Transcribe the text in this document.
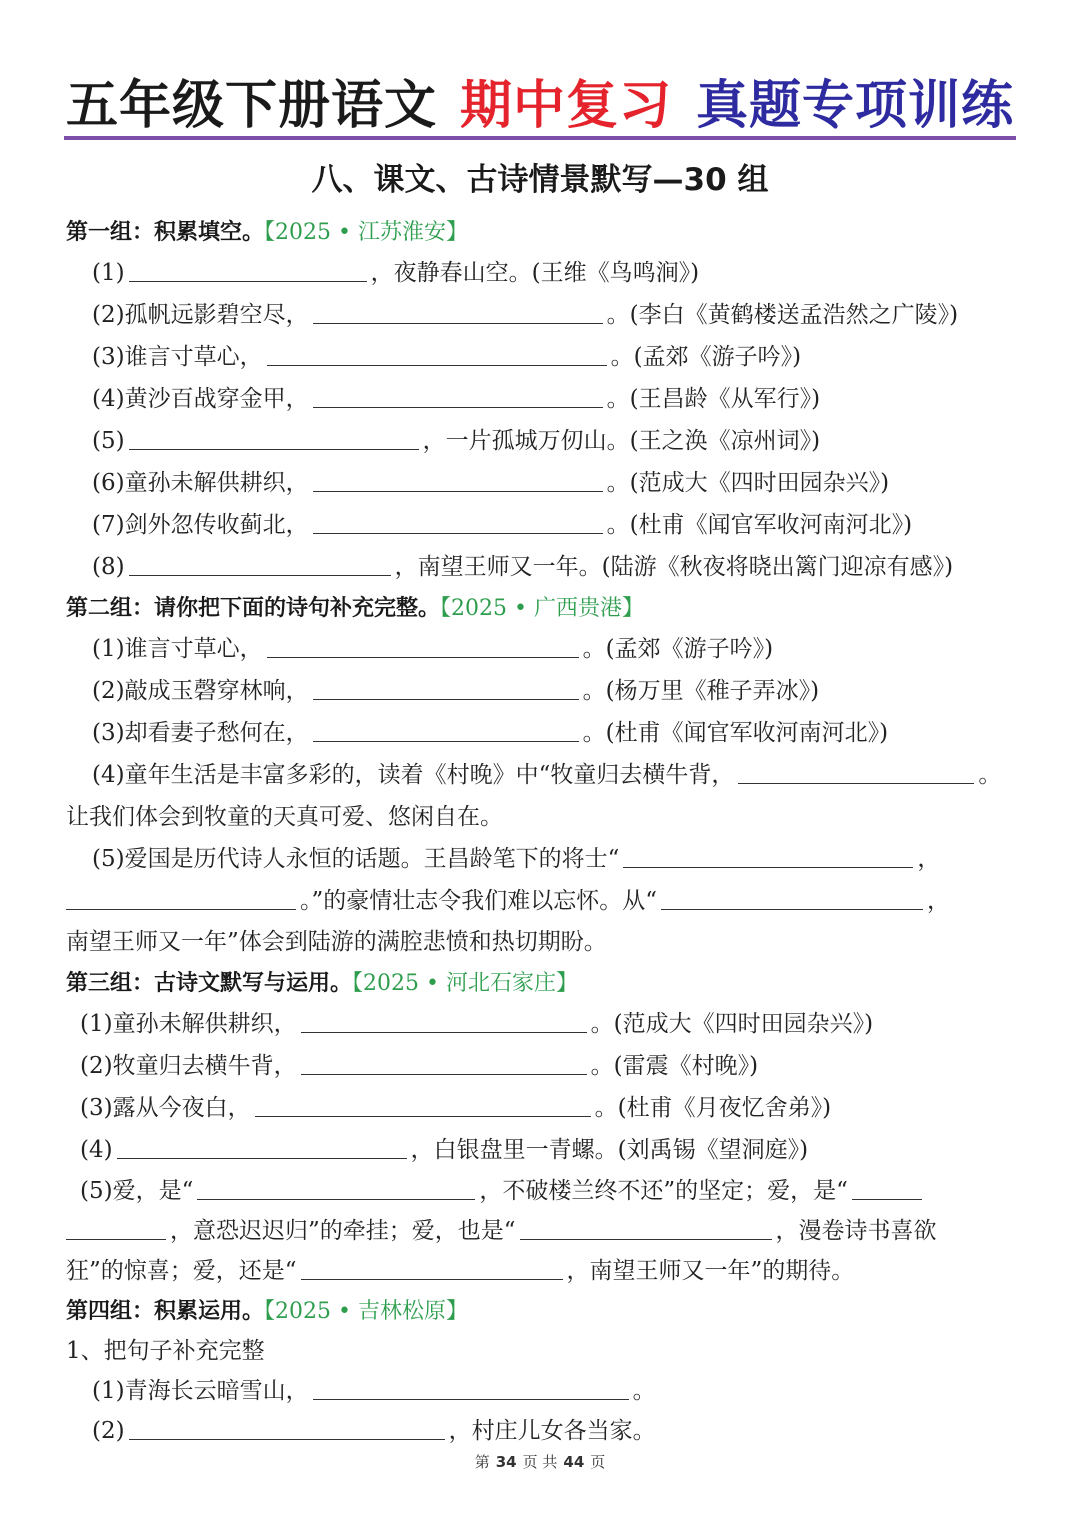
五年级下册语文 期中复习 真题专项训练
八、课文、古诗情景默写—30 组
第一组：积累填空。【2025 • 江苏淮安】
(1)	，夜静春山空。(王维《鸟鸣涧》)
(2)孤帆远影碧空尽，	。(李白《黄鹤楼送孟浩然之广陵》)
(3)谁言寸草心，	。(孟郊《游子吟》)
(4)黄沙百战穿金甲，	。(王昌龄《从军行》)
(5)	，一片孤城万仞山。(王之涣《凉州词》)
(6)童孙未解供耕织，	。(范成大《四时田园杂兴》)
(7)剑外忽传收蓟北，	。(杜甫《闻官军收河南河北》)
(8)	，南望王师又一年。(陆游《秋夜将晓出篱门迎凉有感》)
第二组：请你把下面的诗句补充完整。【2025 • 广西贵港】
(1)谁言寸草心，	。(孟郊《游子吟》)
(2)敲成玉磬穿林响，	。(杨万里《稚子弄冰》)
(3)却看妻子愁何在，	。(杜甫《闻官军收河南河北》)
(4)童年生活是丰富多彩的，读着《村晚》中“牧童归去横牛背，	。
让我们体会到牧童的天真可爱、悠闲自在。
(5)爱国是历代诗人永恒的话题。王昌龄笔下的将士“	，
。”的豪情壮志令我们难以忘怀。从“	，
南望王师又一年”体会到陆游的满腔悲愤和热切期盼。
第三组：古诗文默写与运用。【2025 • 河北石家庄】
(1)童孙未解供耕织，	。(范成大《四时田园杂兴》)
(2)牧童归去横牛背，	。(雷震《村晚》)
(3)露从今夜白，	。(杜甫《月夜忆舍弟》)
(4)	，白银盘里一青螺。(刘禹锡《望洞庭》)
(5)爱，是“	，不破楼兰终不还”的坚定；爱，是“
，意恐迟迟归”的牵挂；爱，也是“	，漫卷诗书喜欲
狂”的惊喜；爱，还是“	，南望王师又一年”的期待。
第四组：积累运用。【2025 • 吉林松原】
1、把句子补充完整
(1)青海长云暗雪山，	。
(2)	，村庄儿女各当家。
第 34 页 共 44 页
